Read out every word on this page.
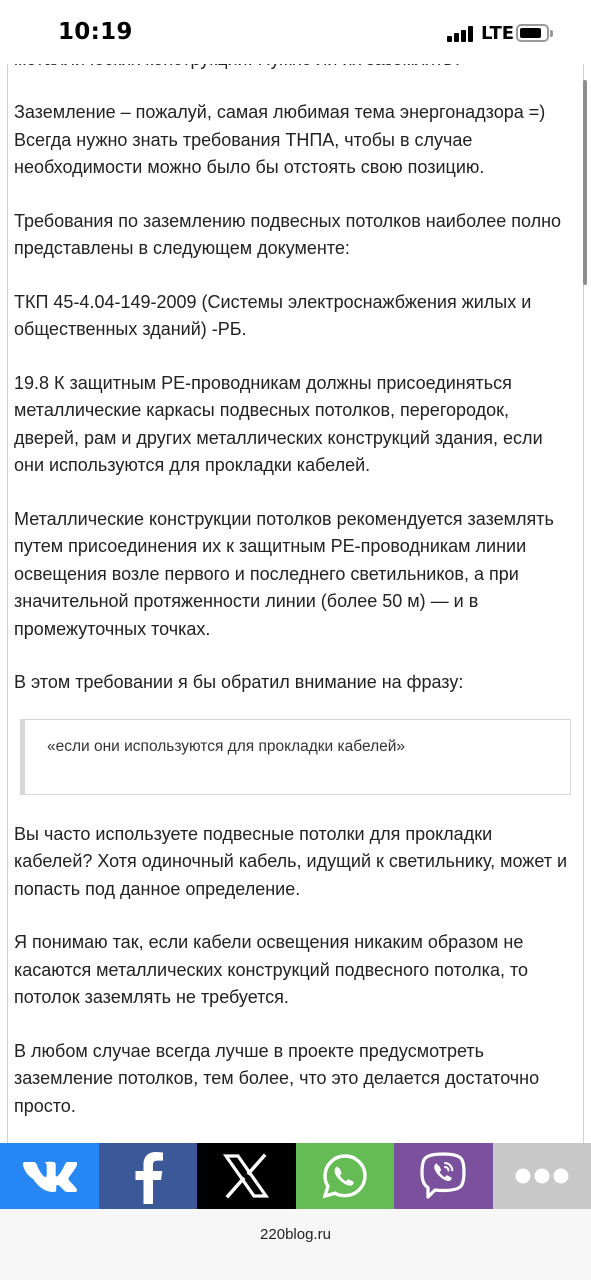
10:19	LTE

Заземление – пожалуй, самая любимая тема энергонадзора =) Всегда нужно знать требования ТНПА, чтобы в случае необходимости можно было бы отстоять свою позицию.

Требования по заземлению подвесных потолков наиболее полно представлены в следующем документе:

ТКП 45-4.04-149-2009 (Системы электроснажбжения жилых и общественных зданий) -РБ.

19.8 К защитным PE-проводникам должны присоединяться металлические каркасы подвесных потолков, перегородок, дверей, рам и других металлических конструкций здания, если они используются для прокладки кабелей.

Металлические конструкции потолков рекомендуется заземлять путем присоединения их к защитным PE-проводникам линии освещения возле первого и последнего светильников, а при значительной протяженности линии (более 50 м) — и в промежуточных точках.

В этом требовании я бы обратил внимание на фразу:

«если они используются для прокладки кабелей»

Вы часто используете подвесные потолки для прокладки кабелей? Хотя одиночный кабель, идущий к светильнику, может и попасть под данное определение.

Я понимаю так, если кабели освещения никаким образом не касаются металлических конструкций подвесного потолка, то потолок заземлять не требуется.

В любом случае всегда лучше в проекте предусмотреть заземление потолков, тем более, что это делается достаточно просто.

220blog.ru
